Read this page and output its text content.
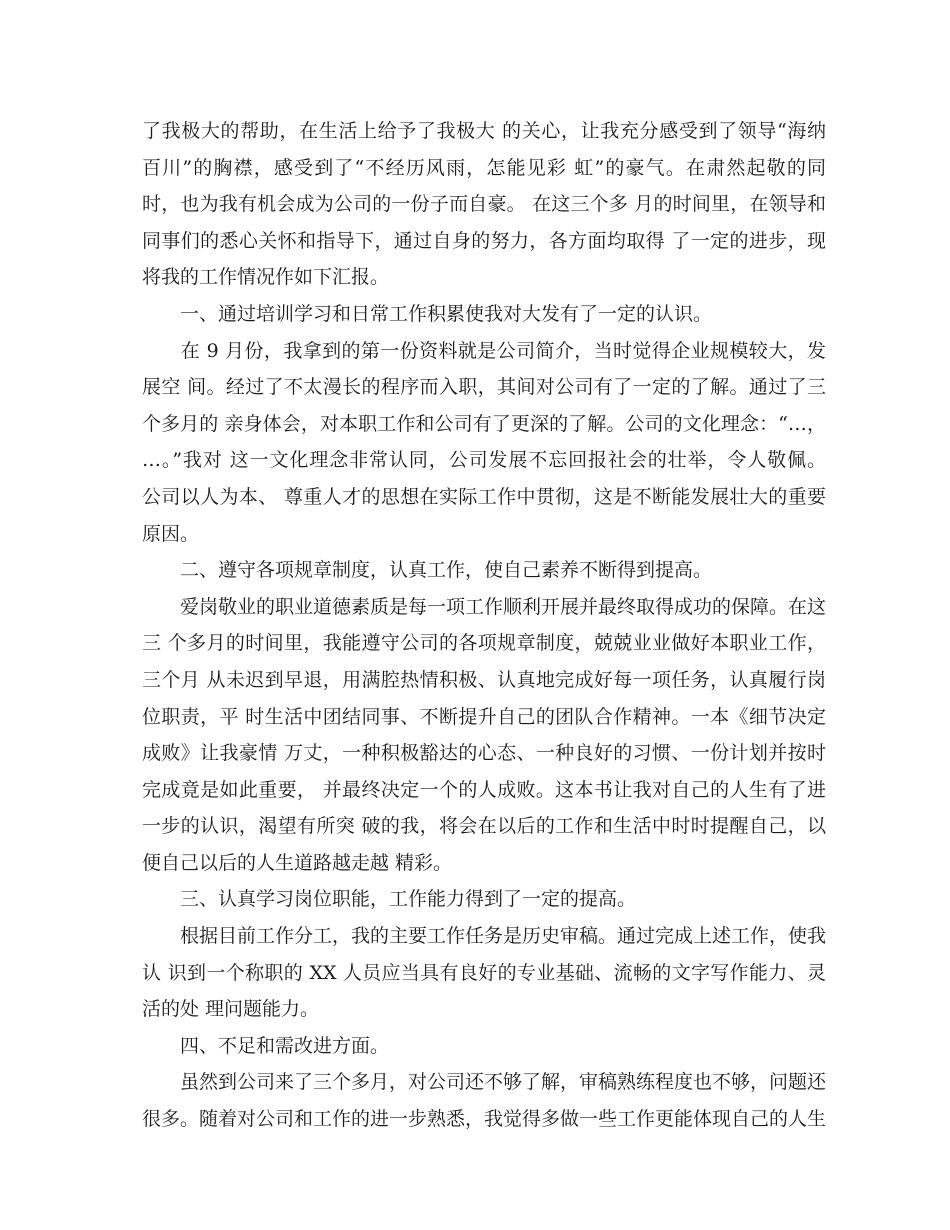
了我极大的帮助，在生活上给予了我极大 的关心，让我充分感受到了领导“海纳
百川”的胸襟，感受到了“不经历风雨，怎能见彩 虹”的豪气。在肃然起敬的同
时，也为我有机会成为公司的一份子而自豪。 在这三个多 月的时间里，在领导和
同事们的悉心关怀和指导下，通过自身的努力，各方面均取得 了一定的进步，现
将我的工作情况作如下汇报。
　　一、通过培训学习和日常工作积累使我对大发有了一定的认识。
　　在 9 月份，我拿到的第一份资料就是公司简介，当时觉得企业规模较大，发
展空 间。经过了不太漫长的程序而入职，其间对公司有了一定的了解。通过了三
个多月的 亲身体会，对本职工作和公司有了更深的了解。公司的文化理念：“…，
…。”我对 这一文化理念非常认同，公司发展不忘回报社会的壮举，令人敬佩。
公司以人为本、 尊重人才的思想在实际工作中贯彻，这是不断能发展壮大的重要
原因。
　　二、遵守各项规章制度，认真工作，使自己素养不断得到提高。
　　爱岗敬业的职业道德素质是每一项工作顺利开展并最终取得成功的保障。在这
三 个多月的时间里，我能遵守公司的各项规章制度，兢兢业业做好本职业工作，
三个月 从未迟到早退，用满腔热情积极、认真地完成好每一项任务，认真履行岗
位职责，平 时生活中团结同事、不断提升自己的团队合作精神。一本《细节决定
成败》让我豪情 万丈，一种积极豁达的心态、一种良好的习惯、一份计划并按时
完成竟是如此重要， 并最终决定一个的人成败。这本书让我对自己的人生有了进
一步的认识，渴望有所突 破的我，将会在以后的工作和生活中时时提醒自己，以
便自己以后的人生道路越走越 精彩。
　　三、认真学习岗位职能，工作能力得到了一定的提高。
　　根据目前工作分工，我的主要工作任务是历史审稿。通过完成上述工作，使我
认 识到一个称职的 XX 人员应当具有良好的专业基础、流畅的文字写作能力、灵
活的处 理问题能力。
　　四、不足和需改进方面。
　　虽然到公司来了三个多月，对公司还不够了解，审稿熟练程度也不够，问题还
很多。随着对公司和工作的进一步熟悉，我觉得多做一些工作更能体现自己的人生
